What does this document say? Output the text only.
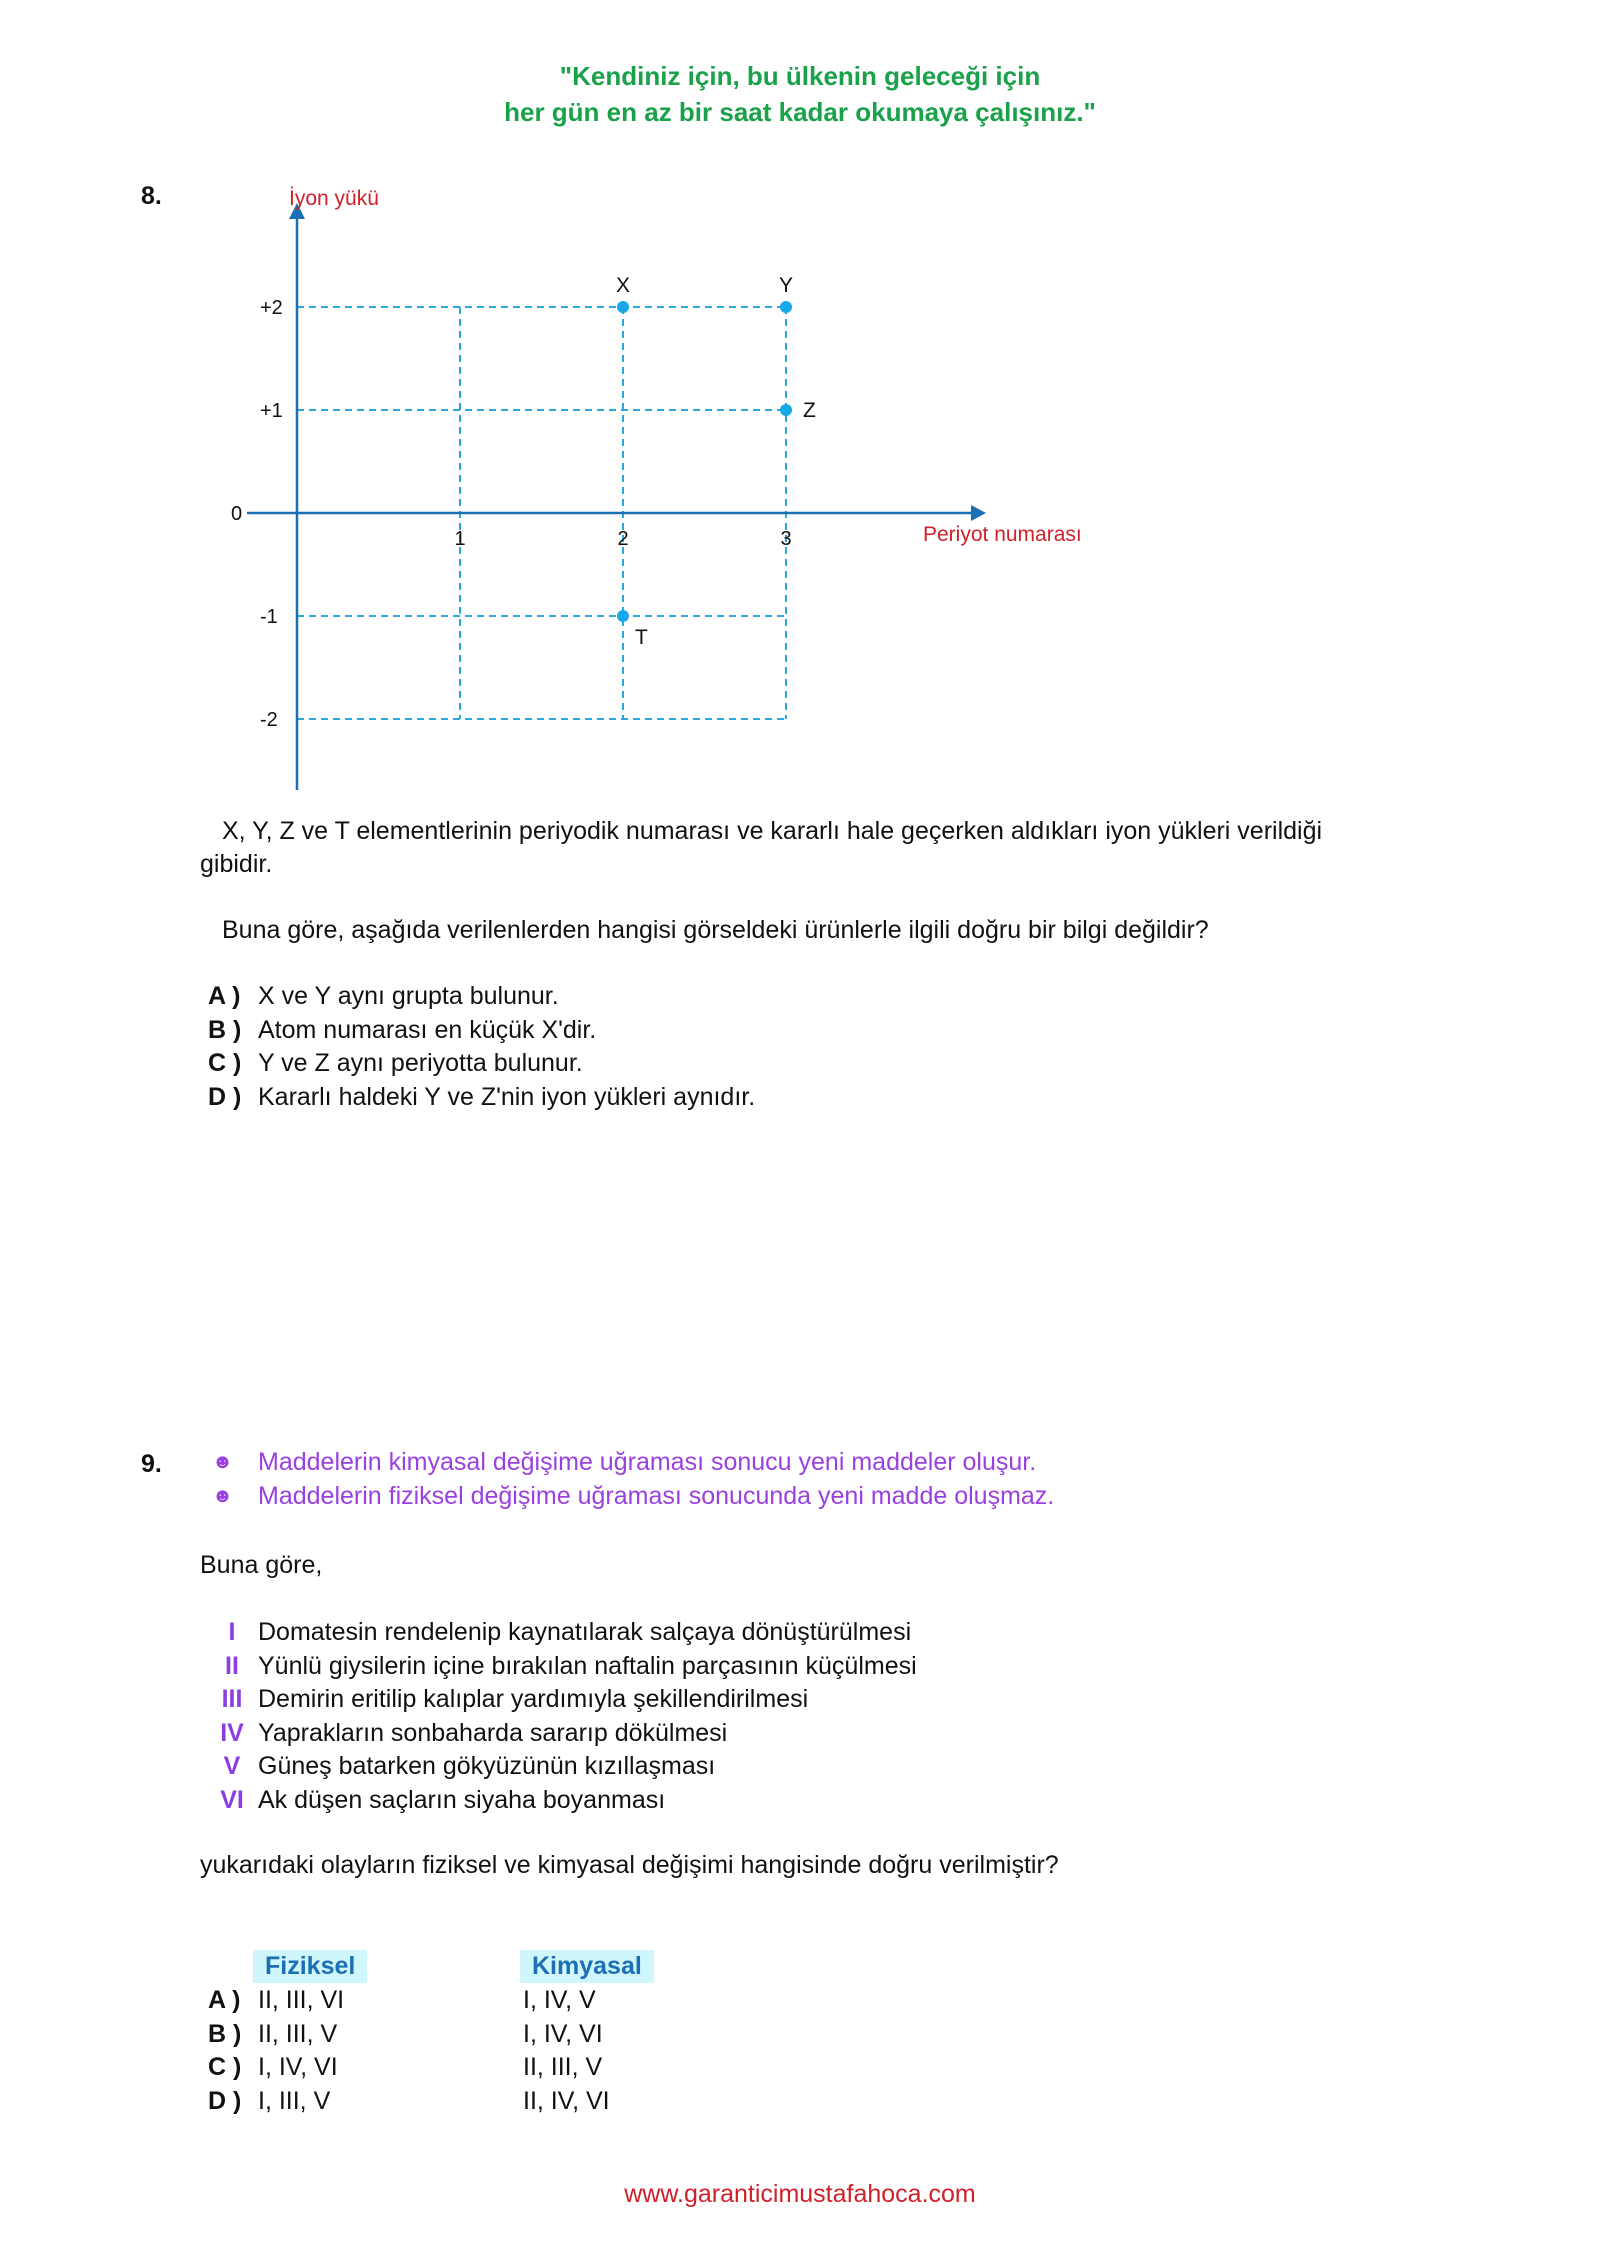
"Kendiniz için, bu ülkenin geleceği için
her gün en az bir saat kadar okumaya çalışınız."
8.	İyon yükü
Periyot numarası
+2
+1
0
-1
-2
1	2	3
X	Y
Z
T
X, Y, Z ve T elementlerinin periyodik numarası ve kararlı hale geçerken aldıkları iyon yükleri verildiği
gibidir.
Buna göre, aşağıda verilenlerden hangisi görseldeki ürünlerle ilgili doğru bir bilgi değildir?
A ) X ve Y aynı grupta bulunur.
B ) Atom numarası en küçük X'dir.
C ) Y ve Z aynı periyotta bulunur.
D ) Kararlı haldeki Y ve Z'nin iyon yükleri aynıdır.
9.	☻ Maddelerin kimyasal değişime uğraması sonucu yeni maddeler oluşur.
☻ Maddelerin fiziksel değişime uğraması sonucunda yeni madde oluşmaz.
Buna göre,
I Domatesin rendelenip kaynatılarak salçaya dönüştürülmesi
II Yünlü giysilerin içine bırakılan naftalin parçasının küçülmesi
III Demirin eritilip kalıplar yardımıyla şekillendirilmesi
IV Yaprakların sonbaharda sararıp dökülmesi
V Güneş batarken gökyüzünün kızıllaşması
VI Ak düşen saçların siyaha boyanması
yukarıdaki olayların fiziksel ve kimyasal değişimi hangisinde doğru verilmiştir?
Fiziksel	Kimyasal
A ) II, III, VI	I, IV, V
B ) II, III, V	I, IV, VI
C ) I, IV, VI	II, III, V
D ) I, III, V	II, IV, VI
www.garanticimustafahoca.com
